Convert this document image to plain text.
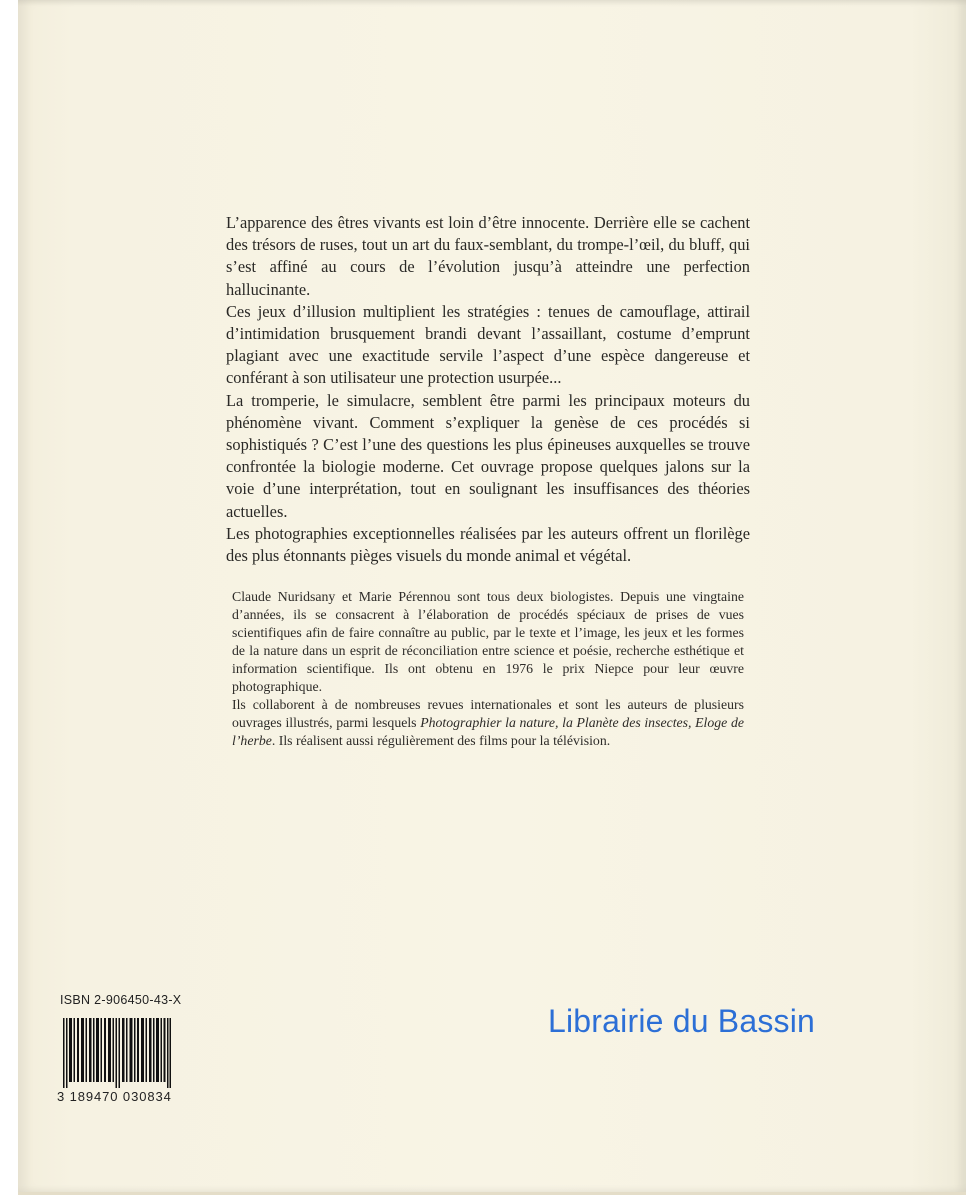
L’apparence des êtres vivants est loin d’être innocente. Derrière elle se cachent des trésors de ruses, tout un art du faux-semblant, du trompe-l’œil, du bluff, qui s’est affiné au cours de l’évolution jusqu’à atteindre une perfection hallucinante.

Ces jeux d’illusion multiplient les stratégies : tenues de camouflage, attirail d’intimidation brusquement brandi devant l’assaillant, costume d’emprunt plagiant avec une exactitude servile l’aspect d’une espèce dangereuse et conférant à son utilisateur une protection usurpée...

La tromperie, le simulacre, semblent être parmi les principaux moteurs du phénomène vivant. Comment s’expliquer la genèse de ces procédés si sophistiqués ? C’est l’une des questions les plus épineuses auxquelles se trouve confrontée la biologie moderne. Cet ouvrage propose quelques jalons sur la voie d’une interprétation, tout en soulignant les insuffisances des théories actuelles.

Les photographies exceptionnelles réalisées par les auteurs offrent un florilège des plus étonnants pièges visuels du monde animal et végétal.

Claude Nuridsany et Marie Pérennou sont tous deux biologistes. Depuis une vingtaine d’années, ils se consacrent à l’élaboration de procédés spéciaux de prises de vues scientifiques afin de faire connaître au public, par le texte et l’image, les jeux et les formes de la nature dans un esprit de réconciliation entre science et poésie, recherche esthétique et information scientifique. Ils ont obtenu en 1976 le prix Niepce pour leur œuvre photographique.

Ils collaborent à de nombreuses revues internationales et sont les auteurs de plusieurs ouvrages illustrés, parmi lesquels Photographier la nature, la Planète des insectes, Eloge de l’herbe. Ils réalisent aussi régulièrement des films pour la télévision.

ISBN 2-906450-43-X
3 189470 030834
Librairie du Bassin
